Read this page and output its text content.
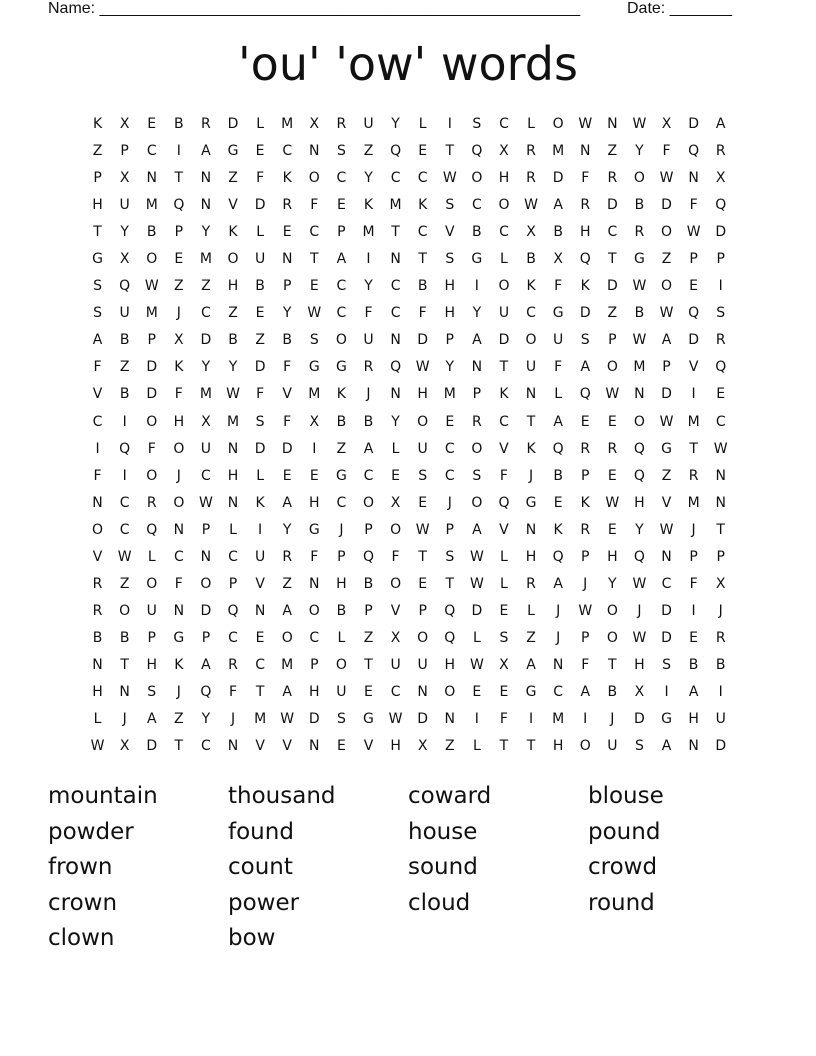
Name: ______________________________________________________	Date: _______
'ou' 'ow' words
K	X	E	B	R	D	L	M	X	R	U	Y	L	I	S	C	L	O	W	N	W	X	D	A
Z	P	C	I	A	G	E	C	N	S	Z	Q	E	T	Q	X	R	M	N	Z	Y	F	Q	R
P	X	N	T	N	Z	F	K	O	C	Y	C	C	W	O	H	R	D	F	R	O	W	N	X
H	U	M	Q	N	V	D	R	F	E	K	M	K	S	C	O	W	A	R	D	B	D	F	Q
T	Y	B	P	Y	K	L	E	C	P	M	T	C	V	B	C	X	B	H	C	R	O	W	D
G	X	O	E	M	O	U	N	T	A	I	N	T	S	G	L	B	X	Q	T	G	Z	P	P
S	Q	W	Z	Z	H	B	P	E	C	Y	C	B	H	I	O	K	F	K	D	W	O	E	I
S	U	M	J	C	Z	E	Y	W	C	F	C	F	H	Y	U	C	G	D	Z	B	W	Q	S
A	B	P	X	D	B	Z	B	S	O	U	N	D	P	A	D	O	U	S	P	W	A	D	R
F	Z	D	K	Y	Y	D	F	G	G	R	Q	W	Y	N	T	U	F	A	O	M	P	V	Q
V	B	D	F	M	W	F	V	M	K	J	N	H	M	P	K	N	L	Q	W	N	D	I	E
C	I	O	H	X	M	S	F	X	B	B	Y	O	E	R	C	T	A	E	E	O	W	M	C
I	Q	F	O	U	N	D	D	I	Z	A	L	U	C	O	V	K	Q	R	R	Q	G	T	W
F	I	O	J	C	H	L	E	E	G	C	E	S	C	S	F	J	B	P	E	Q	Z	R	N
N	C	R	O	W	N	K	A	H	C	O	X	E	J	O	Q	G	E	K	W	H	V	M	N
O	C	Q	N	P	L	I	Y	G	J	P	O	W	P	A	V	N	K	R	E	Y	W	J	T
V	W	L	C	N	C	U	R	F	P	Q	F	T	S	W	L	H	Q	P	H	Q	N	P	P
R	Z	O	F	O	P	V	Z	N	H	B	O	E	T	W	L	R	A	J	Y	W	C	F	X
R	O	U	N	D	Q	N	A	O	B	P	V	P	Q	D	E	L	J	W	O	J	D	I	J
B	B	P	G	P	C	E	O	C	L	Z	X	O	Q	L	S	Z	J	P	O	W	D	E	R
N	T	H	K	A	R	C	M	P	O	T	U	U	H	W	X	A	N	F	T	H	S	B	B
H	N	S	J	Q	F	T	A	H	U	E	C	N	O	E	E	G	C	A	B	X	I	A	I
L	J	A	Z	Y	J	M	W	D	S	G	W	D	N	I	F	I	M	I	J	D	G	H	U
W	X	D	T	C	N	V	V	N	E	V	H	X	Z	L	T	T	H	O	U	S	A	N	D
mountain	thousand	coward	blouse
powder	found	house	pound
frown	count	sound	crowd
crown	power	cloud	round
clown	bow
